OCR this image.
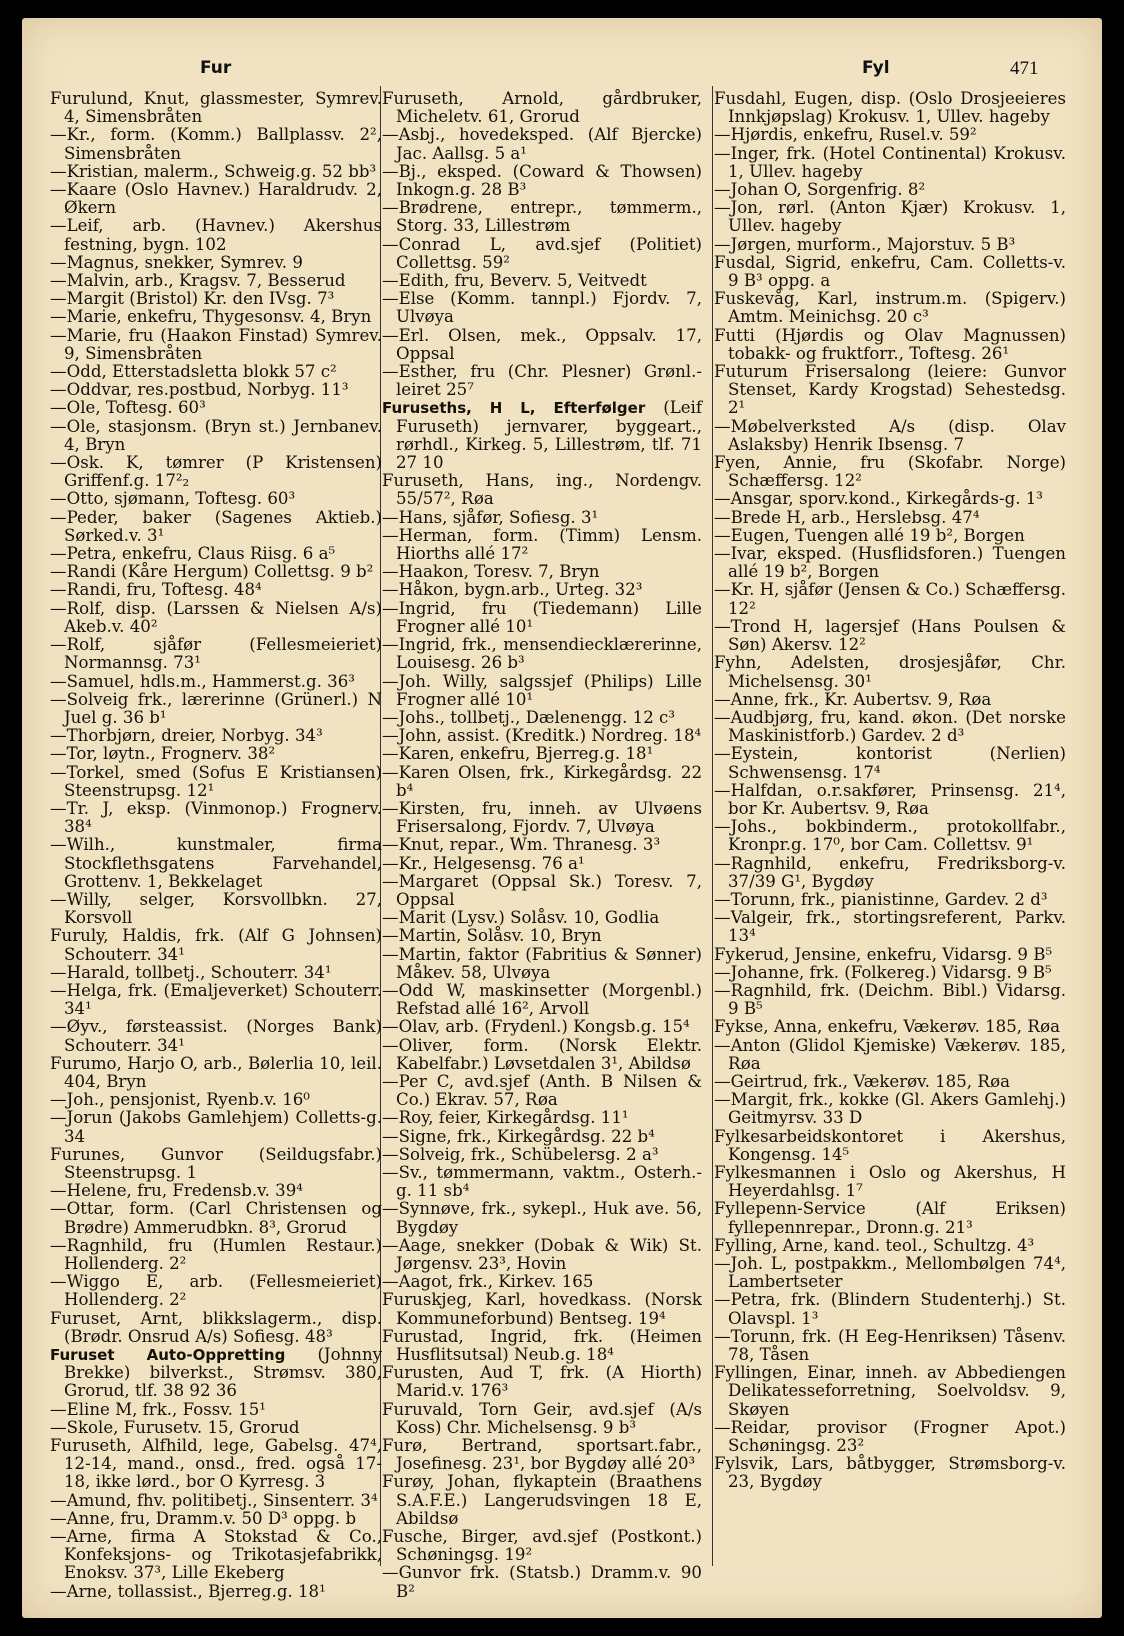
Fur	Fyl	471

Furulund, Knut, glassmester, Symrev. 4, Simensbråten

—Kr., form. (Komm.) Ballplassv. 2², Simensbråten

—Kristian, malerm., Schweig.g. 52 bb³

—Kaare (Oslo Havnev.) Haraldrudv. 2, Økern

—Leif, arb. (Havnev.) Akershus festning, bygn. 102

—Magnus, snekker, Symrev. 9

—Malvin, arb., Kragsv. 7, Besserud

—Margit (Bristol) Kr. den IVsg. 7³

—Marie, enkefru, Thygesonsv. 4, Bryn

—Marie, fru (Haakon Finstad) Symrev. 9, Simensbråten

—Odd, Etterstadsletta blokk 57 c²

—Oddvar, res.postbud, Norbyg. 11³

—Ole, Toftesg. 60³

—Ole, stasjonsm. (Bryn st.) Jernbanev. 4, Bryn

—Osk. K, tømrer (P Kristensen) Griffenf.g. 17²₂

—Otto, sjømann, Toftesg. 60³

—Peder, baker (Sagenes Aktieb.) Sørked.v. 3¹

—Petra, enkefru, Claus Riisg. 6 a⁵

—Randi (Kåre Hergum) Collettsg. 9 b²

—Randi, fru, Toftesg. 48⁴

—Rolf, disp. (Larssen & Nielsen A/s) Akeb.v. 40²

—Rolf, sjåfør (Fellesmeieriet) Normannsg. 73¹

—Samuel, hdls.m., Hammerst.g. 36³

—Solveig frk., lærerinne (Grünerl.) N Juel g. 36 b¹

—Thorbjørn, dreier, Norbyg. 34³

—Tor, løytn., Frognerv. 38²

—Torkel, smed (Sofus E Kristiansen) Steenstrupsg. 12¹

—Tr. J, eksp. (Vinmonop.) Frognerv. 38⁴

—Wilh., kunstmaler, firma Stockflethsgatens Farvehandel, Grottenv. 1, Bekkelaget

—Willy, selger, Korsvollbkn. 27, Korsvoll

Furuly, Haldis, frk. (Alf G Johnsen) Schouterr. 34¹

—Harald, tollbetj., Schouterr. 34¹

—Helga, frk. (Emaljeverket) Schouterr. 34¹

—Øyv., førsteassist. (Norges Bank) Schouterr. 34¹

Furumo, Harjo O, arb., Bølerlia 10, leil. 404, Bryn

—Joh., pensjonist, Ryenb.v. 16⁰

—Jorun (Jakobs Gamlehjem) Colletts-g. 34

Furunes, Gunvor (Seildugsfabr.) Steenstrupsg. 1

—Helene, fru, Fredensb.v. 39⁴

—Ottar, form. (Carl Christensen og Brødre) Ammerudbkn. 8³, Grorud

—Ragnhild, fru (Humlen Restaur.) Hollenderg. 2²

—Wiggo E, arb. (Fellesmeieriet) Hollenderg. 2²

Furuset, Arnt, blikkslagerm., disp. (Brødr. Onsrud A/s) Sofiesg. 48³

Furuset Auto-Oppretting (Johnny Brekke) bilverkst., Strømsv. 380, Grorud, tlf. 38 92 36

—Eline M, frk., Fossv. 15¹

—Skole, Furusetv. 15, Grorud

Furuseth, Alfhild, lege, Gabelsg. 47⁴, 12-14, mand., onsd., fred. også 17-18, ikke lørd., bor O Kyrresg. 3

—Amund, fhv. politibetj., Sinsenterr. 3⁴

—Anne, fru, Dramm.v. 50 D³ oppg. b

—Arne, firma A Stokstad & Co., Konfeksjons- og Trikotasjefabrikk, Enoksv. 37³, Lille Ekeberg

—Arne, tollassist., Bjerreg.g. 18¹

Furuseth, Arnold, gårdbruker, Micheletv. 61, Grorud

—Asbj., hovedeksped. (Alf Bjercke) Jac. Aallsg. 5 a¹

—Bj., eksped. (Coward & Thowsen) Inkogn.g. 28 B³

—Brødrene, entrepr., tømmerm., Storg. 33, Lillestrøm

—Conrad L, avd.sjef (Politiet) Collettsg. 59²

—Edith, fru, Beverv. 5, Veitvedt

—Else (Komm. tannpl.) Fjordv. 7, Ulvøya

—Erl. Olsen, mek., Oppsalv. 17, Oppsal

—Esther, fru (Chr. Plesner) Grønl.-leiret 25⁷

Furuseths, H L, Efterfølger (Leif Furuseth) jernvarer, byggeart., rørhdl., Kirkeg. 5, Lillestrøm, tlf. 71 27 10

Furuseth, Hans, ing., Nordengv. 55/57², Røa

—Hans, sjåfør, Sofiesg. 3¹

—Herman, form. (Timm) Lensm. Hiorths allé 17²

—Haakon, Toresv. 7, Bryn

—Håkon, bygn.arb., Urteg. 32³

—Ingrid, fru (Tiedemann) Lille Frogner allé 10¹

—Ingrid, frk., mensendiecklærerinne, Louisesg. 26 b³

—Joh. Willy, salgssjef (Philips) Lille Frogner allé 10¹

—Johs., tollbetj., Dælenengg. 12 c³

—John, assist. (Kreditk.) Nordreg. 18⁴

—Karen, enkefru, Bjerreg.g. 18¹

—Karen Olsen, frk., Kirkegårdsg. 22 b⁴

—Kirsten, fru, inneh. av Ulvøens Frisersalong, Fjordv. 7, Ulvøya

—Knut, repar., Wm. Thranesg. 3³

—Kr., Helgesensg. 76 a¹

—Margaret (Oppsal Sk.) Toresv. 7, Oppsal

—Marit (Lysv.) Solåsv. 10, Godlia

—Martin, Solåsv. 10, Bryn

—Martin, faktor (Fabritius & Sønner) Måkev. 58, Ulvøya

—Odd W, maskinsetter (Morgenbl.) Refstad allé 16², Arvoll

—Olav, arb. (Frydenl.) Kongsb.g. 15⁴

—Oliver, form. (Norsk Elektr. Kabelfabr.) Løvsetdalen 3¹, Abildsø

—Per C, avd.sjef (Anth. B Nilsen & Co.) Ekrav. 57, Røa

—Roy, feier, Kirkegårdsg. 11¹

—Signe, frk., Kirkegårdsg. 22 b⁴

—Solveig, frk., Schübelersg. 2 a³

—Sv., tømmermann, vaktm., Osterh.-g. 11 sb⁴

—Synnøve, frk., sykepl., Huk ave. 56, Bygdøy

—Aage, snekker (Dobak & Wik) St. Jørgensv. 23³, Hovin

—Aagot, frk., Kirkev. 165

Furuskjeg, Karl, hovedkass. (Norsk Kommuneforbund) Bentseg. 19⁴

Furustad, Ingrid, frk. (Heimen Husflitsutsal) Neub.g. 18⁴

Furusten, Aud T, frk. (A Hiorth) Marid.v. 176³

Furuvald, Torn Geir, avd.sjef (A/s Koss) Chr. Michelsensg. 9 b³

Furø, Bertrand, sportsart.fabr., Josefinesg. 23¹, bor Bygdøy allé 20³

Furøy, Johan, flykaptein (Braathens S.A.F.E.) Langerudsvingen 18 E, Abildsø

Fusche, Birger, avd.sjef (Postkont.) Schøningsg. 19²

—Gunvor frk. (Statsb.) Dramm.v. 90 B²

Fusdahl, Eugen, disp. (Oslo Drosjeeieres Innkjøpslag) Krokusv. 1, Ullev. hageby

—Hjørdis, enkefru, Rusel.v. 59²

—Inger, frk. (Hotel Continental) Krokusv. 1, Ullev. hageby

—Johan O, Sorgenfrig. 8²

—Jon, rørl. (Anton Kjær) Krokusv. 1, Ullev. hageby

—Jørgen, murform., Majorstuv. 5 B³

Fusdal, Sigrid, enkefru, Cam. Colletts-v. 9 B³ oppg. a

Fuskevåg, Karl, instrum.m. (Spigerv.) Amtm. Meinichsg. 20 c³

Futti (Hjørdis og Olav Magnussen) tobakk- og fruktforr., Toftesg. 26¹

Futurum Frisersalong (leiere: Gunvor Stenset, Kardy Krogstad) Sehestedsg. 2¹

—Møbelverksted A/s (disp. Olav Aslaksby) Henrik Ibsensg. 7

Fyen, Annie, fru (Skofabr. Norge) Schæffersg. 12²

—Ansgar, sporv.kond., Kirkegårds-g. 1³

—Brede H, arb., Herslebsg. 47⁴

—Eugen, Tuengen allé 19 b², Borgen

—Ivar, eksped. (Husflidsforen.) Tuengen allé 19 b², Borgen

—Kr. H, sjåfør (Jensen & Co.) Schæffersg. 12²

—Trond H, lagersjef (Hans Poulsen & Søn) Akersv. 12²

Fyhn, Adelsten, drosjesjåfør, Chr. Michelsensg. 30¹

—Anne, frk., Kr. Aubertsv. 9, Røa

—Audbjørg, fru, kand. økon. (Det norske Maskinistforb.) Gardev. 2 d³

—Eystein, kontorist (Nerlien) Schwensensg. 17⁴

—Halfdan, o.r.sakfører, Prinsensg. 21⁴, bor Kr. Aubertsv. 9, Røa

—Johs., bokbinderm., protokollfabr., Kronpr.g. 17⁰, bor Cam. Collettsv. 9¹

—Ragnhild, enkefru, Fredriksborg-v. 37/39 G¹, Bygdøy

—Torunn, frk., pianistinne, Gardev. 2 d³

—Valgeir, frk., stortingsreferent, Parkv. 13⁴

Fykerud, Jensine, enkefru, Vidarsg. 9 B⁵

—Johanne, frk. (Folkereg.) Vidarsg. 9 B⁵

—Ragnhild, frk. (Deichm. Bibl.) Vidarsg. 9 B⁵

Fykse, Anna, enkefru, Vækerøv. 185, Røa

—Anton (Glidol Kjemiske) Vækerøv. 185, Røa

—Geirtrud, frk., Vækerøv. 185, Røa

—Margit, frk., kokke (Gl. Akers Gamlehj.) Geitmyrsv. 33 D

Fylkesarbeidskontoret i Akershus, Kongensg. 14⁵

Fylkesmannen i Oslo og Akershus, H Heyerdahlsg. 1⁷

Fyllepenn-Service (Alf Eriksen) fyllepennrepar., Dronn.g. 21³

Fylling, Arne, kand. teol., Schultzg. 4³

—Joh. L, postpakkm., Mellombølgen 74⁴, Lambertseter

—Petra, frk. (Blindern Studenterhj.) St. Olavspl. 1³

—Torunn, frk. (H Eeg-Henriksen) Tåsenv. 78, Tåsen

Fyllingen, Einar, inneh. av Abbediengen Delikatesseforretning, Soelvoldsv. 9, Skøyen

—Reidar, provisor (Frogner Apot.) Schøningsg. 23²

Fylsvik, Lars, båtbygger, Strømsborg-v. 23, Bygdøy
